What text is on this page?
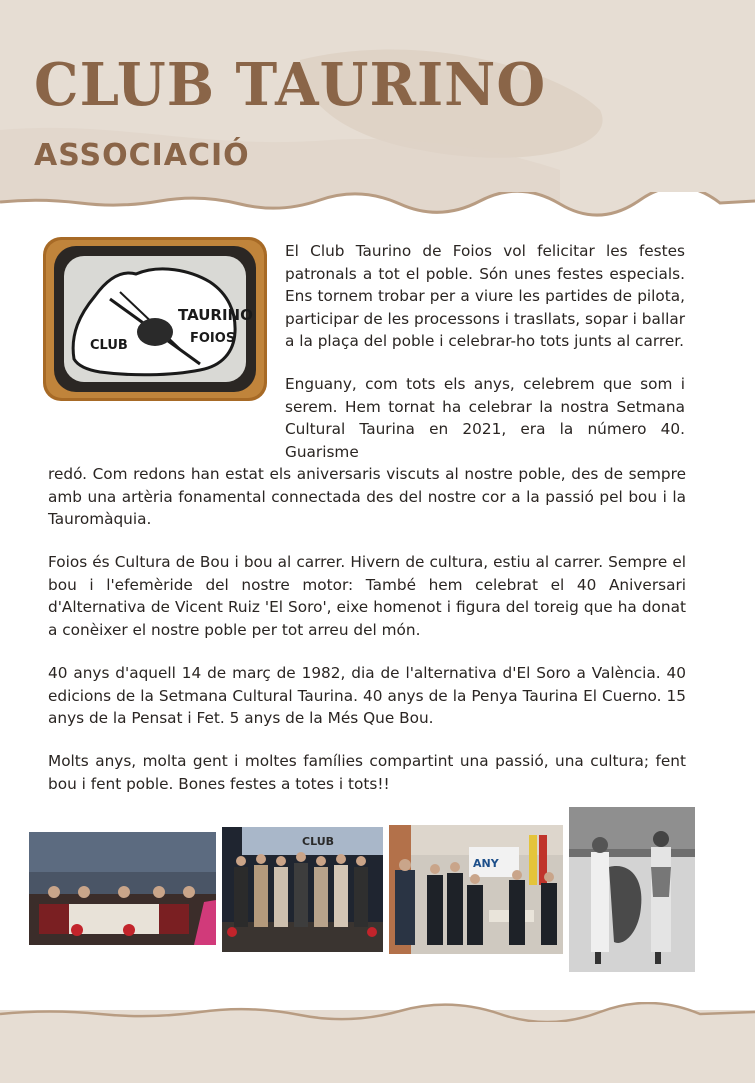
CLUB TAURINO
ASSOCIACIÓ
TAURINO
CLUB	FOIOS
El Club Taurino de Foios vol felicitar les festes patronals a tot el poble. Són unes festes especials. Ens tornem trobar per a viure les partides de pilota, participar de les processons i trasllats, sopar i ballar a la plaça del poble i celebrar-ho tots junts al carrer.
Enguany, com tots els anys, celebrem que som i serem. Hem tornat ha celebrar la nostra Setmana Cultural Taurina en 2021, era la número 40. Guarisme
redó. Com redons han estat els aniversaris viscuts al nostre poble, des de sempre amb una artèria fonamental connectada des del nostre cor a la passió pel bou i la Tauromàquia.
Foios és Cultura de Bou i bou al carrer. Hivern de cultura, estiu al carrer. Sempre el bou i l'efemèride del nostre motor: També hem celebrat el 40 Aniversari d'Alternativa de Vicent Ruiz 'El Soro', eixe homenot i figura del toreig que ha donat a conèixer el nostre poble per tot arreu del món.
40 anys d'aquell 14 de març de 1982, dia de l'alternativa d'El Soro a València. 40 edicions de la Setmana Cultural Taurina. 40 anys de la Penya Taurina El Cuerno. 15 anys de la Pensat i Fet. 5 anys de la Més Que Bou.
Molts anys, molta gent i moltes famílies compartint una passió, una cultura; fent bou i fent poble. Bones festes a totes i tots!!
CLUB
ANY
